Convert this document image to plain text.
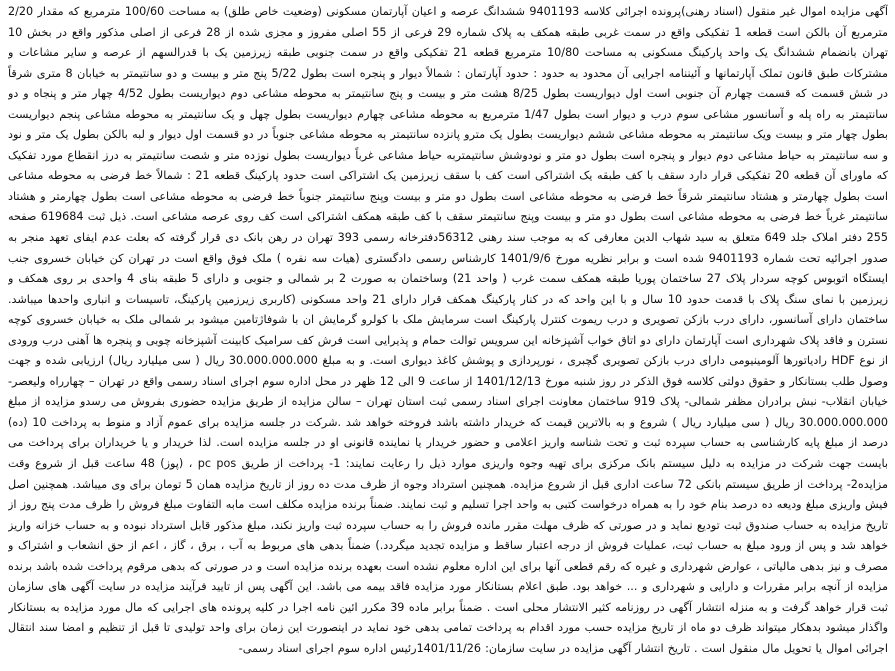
آگهی مزایده اموال غیر منقول (اسناد رهنی)پرونده اجرائی کلاسه 9401193 ششدانگ عرصه و اعیان آپارتمان مسکونی (وضعیت خاص طلق) به مساحت 100/60 مترمربع که مقدار 2/20 مترمربع آن بالکن است قطعه 1 تفکیکی واقع در سمت غربی طبقه همکف به پلاک شماره 29 فرعی از 55 اصلی مفروز و مجزی شده از 28 فرعی از اصلی مذکور واقع در بخش 10 تهران بانضمام ششدانگ یک واحد پارکینگ مسکونی به مساحت 10/80 مترمربع قطعه 21 تفکیکی واقع در سمت جنوبی طبقه زیرزمین یک با قدرالسهم از عرصه و سایر مشاعات و مشترکات طبق قانون تملک آپارتمانها و آئیننامه اجرایی آن محدود به حدود : حدود آپارتمان : شمالاً دیوار و پنجره است بطول 5/22 پنج متر و بیست و دو سانتیمتر به خیابان 8 متری شرقاً در شش قسمت که قسمت چهارم آن جنوبی است اول دیواریست بطول 8/25 هشت متر و بیست و پنج سانتیمتر به محوطه مشاعی دوم دیواریست بطول 4/52 چهار متر و پنجاه و دو سانتیمتر به راه پله و آسانسور مشاعی سوم درب و دیوار است بطول 1/47 مترمربع به محوطه مشاعی چهارم دیواریست بطول چهل و یک سانتیمتر به محوطه مشاعی پنجم دیواریست بطول چهار متر و بیست ویک سانتیمتر به محوطه مشاعی ششم دیواریست بطول یک مترو پانزده سانتیمتر به محوطه مشاعی جنوباً در دو قسمت اول دیوار و لبه بالکن بطول یک متر و نود و سه سانتیمتر به حیاط مشاعی دوم دیوار و پنجره است بطول دو متر و نودوشش سانتیمتربه حیاط مشاعی غرباً دیواریست بطول نوزده متر و شصت سانتیمتر به درز انقطاع مورد تفکیک که ماورای آن قطعه 20 تفکیکی قرار دارد سقف با کف طبقه یک اشتراکی است کف با سقف زیرزمین یک اشتراکی است حدود پارکینگ قطعه 21 : شمالاً خط فرضی به محوطه مشاعی است بطول چهارمتر و هشتاد سانتیمتر شرقاً خط فرضی به محوطه مشاعی است بطول دو متر و بیست وپنج سانتیمتر جنوباً خط فرضی به محوطه مشاعی است بطول چهارمتر و هشتاد سانتیمتر غرباً خط فرضی به محوطه مشاعی است بطول دو متر و بیست وپنج سانتیمتر سقف با کف طبقه همکف اشتراکی است کف روی عرصه مشاعی است. ذیل ثبت 619684 صفحه 255 دفتر املاک جلد 649 متعلق به سید شهاب الدین معارفی که به موجب سند رهنی 56312دفترخانه رسمی 393 تهران در رهن بانک دی قرار گرفته که بعلت عدم ایفای تعهد منجر به صدور اجرائیه تحت شماره 9401193 شده است و برابر نظریه مورخ 1401/9/6 کارشناس رسمی دادگستری (هیات سه نفره ) ملک فوق واقع است در تهران کن خیابان خسروی جنب ایستگاه اتوبوس کوچه سردار پلاک 27 ساختمان پوریا طبقه همکف سمت غرب ( واحد 21) وساختمان به صورت 2 بر شمالی و جنوبی و دارای 5 طبقه بنای 4 واحدی بر روی همکف و زیرزمین با نمای سنگ پلاک با قدمت حدود 10 سال و با این واحد که در کنار پارکینگ همکف قرار دارای 21 واحد مسکونی (کاربری زیرزمین پارکینگ، تاسیسات و انباری واحدها میباشد. ساختمان دارای آسانسور، دارای درب بازکن تصویری و درب ریموت کنترل پارکینگ است سرمایش ملک با کولرو گرمایش ان با شوفاژتامین میشود بر شمالی ملک به خیابان خسروی کوچه نسترن و فاقد پلاک شهرداری است آپارتمان دارای دو اتاق خواب آشپزخانه این سرویس توالت حمام و پذیرایی است فرش کف سرامیک کابینت آشپزخانه چوبی و پنجره ها آهنی درب ورودی از نوع HDF رادیاتورها آلومینیومی دارای درب بازکن تصویری گچبری ، نورپردازی و پوشش کاغذ دیواری است. و به مبلغ 30.000.000.000 ریال ( سی میلیارد ریال) ارزیابی شده و جهت وصول طلب بستانکار و حقوق دولتی کلاسه فوق الذکر در روز شنبه مورخ 1401/12/13 از ساعت 9 الی 12 ظهر در محل اداره سوم اجرای اسناد رسمی واقع در تهران – چهارراه ولیعصر- خیابان انقلاب- نبش برادران مظفر شمالی- پلاک 919 ساختمان معاونت اجرای اسناد رسمی ثبت استان تهران – سالن مزایده از طریق مزایده حضوری بفروش می رسدو مزایده از مبلغ 30.000.000.000 ریال ( سی میلیارد ریال ) شروع و به بالاترین قیمت که خریدار داشته باشد فروخته خواهد شد .شرکت در جلسه مزایده برای عموم آزاد و منوط به پرداخت 10 (ده) درصد از مبلغ پایه کارشناسی به حساب سپرده ثبت و تحت شناسه واریز اعلامی و حضور خریدار یا نماینده قانونی او در جلسه مزایده است. لذا خریدار و یا خریداران برای پرداخت می بایست جهت شرکت در مزایده به دلیل سیستم بانک مرکزی برای تهیه وجوه واریزی موارد ذیل را رعایت نمایند: 1- پرداخت از طریق pc pos ، (پوز) 48 ساعت قبل از شروع وقت مزایده2- پرداخت از طریق سیستم بانکی 72 ساعت اداری قبل از شروع مزایده. همچنین استرداد وجوه از ظرف مدت ده روز از تاریخ مزایده همان 5 تومان برای وی میباشد. همچنین اصل فیش واریزی مبلغ ودیعه ده درصد بنام خود را به همراه درخواست کتبی به واحد اجرا تسلیم و ثبت نمایند. ضمناً برنده مزایده مکلف است مابه التفاوت مبلغ فروش را ظرف مدت پنج روز از تاریخ مزایده به حساب صندوق ثبت تودیع نماید و در صورتی که ظرف مهلت مقرر مانده فروش را به حساب سپرده ثبت واریز نکند، مبلغ مذکور قابل استرداد نبوده و به حساب خزانه واریز خواهد شد و پس از ورود مبلغ به حساب ثبت، عملیات فروش از درجه اعتبار ساقط و مزایده تجدید میگردد.) ضمناً بدهی های مربوط به آب ، برق ، گاز ، اعم از حق انشعاب و اشتراک و مصرف و نیز بدهی مالیاتی ، عوارض شهرداری و غیره که رقم قطعی آنها برای این اداره معلوم نشده است بعهده برنده مزایده است و در صورتی که بدهی مرقوم پرداخت شده باشد برنده مزایده از آنچه برابر مقررات و دارایی و شهرداری و ... خواهد بود. طبق اعلام بستانکار مورد مزایده فاقد بیمه می باشد. این آگهی پس از تایید فرآیند مزایده در سایت آگهی های سازمان ثبت قرار خواهد گرفت و به منزله انتشار آگهی در روزنامه کثیر الانتشار محلی است . ضمناً برابر ماده 39 مکرر ائین نامه اجرا در کلیه پرونده های اجرایی که مال مورد مزایده به بستانکار واگذار میشود بدهکار میتواند ظرف دو ماه از تاریخ مزایده حسب مورد اقدام به پرداخت تمامی بدهی خود نماید در اینصورت این زمان برای واحد تولیدی تا قبل از تنظیم و امضا سند انتقال اجرائی اموال یا تحویل مال منقول است . تاریخ انتشار آگهی مزایده در سایت سازمان: 1401/11/26رئیس اداره سوم اجرای اسناد رسمی-
